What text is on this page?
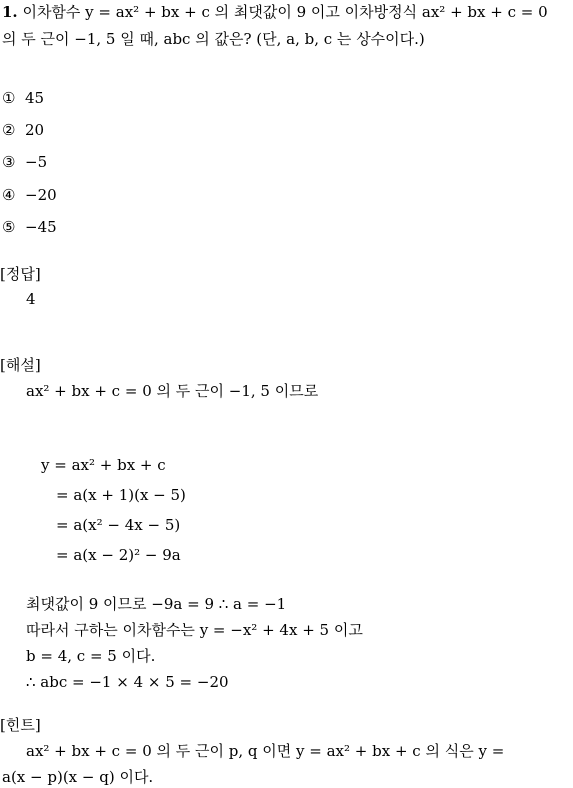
1. 이차함수 y = ax² + bx + c 의 최댓값이 9 이고 이차방정식 ax² + bx + c = 0
의 두 근이 −1, 5 일 때, abc 의 값은? (단, a, b, c 는 상수이다.)
① 45
② 20
③ −5
④ −20
⑤ −45
[정답]
4
[해설]
ax² + bx + c = 0 의 두 근이 −1, 5 이므로
y = ax² + bx + c
= a(x + 1)(x − 5)
= a(x² − 4x − 5)
= a(x − 2)² − 9a
최댓값이 9 이므로 −9a = 9 ∴ a = −1
따라서 구하는 이차함수는 y = −x² + 4x + 5 이고
b = 4, c = 5 이다.
∴ abc = −1 × 4 × 5 = −20
[힌트]
ax² + bx + c = 0 의 두 근이 p, q 이면 y = ax² + bx + c 의 식은 y =
a(x − p)(x − q) 이다.
